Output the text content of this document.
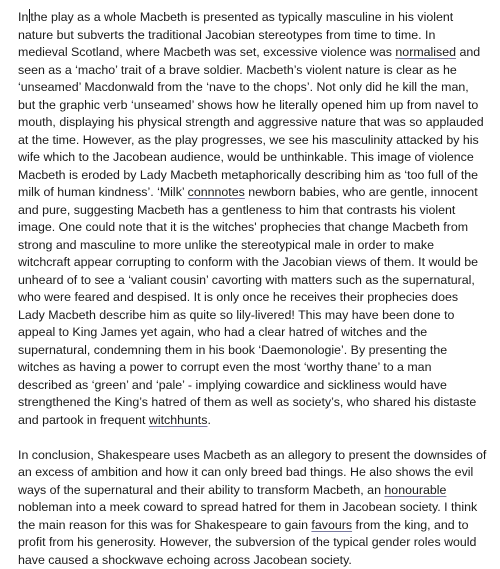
In the play as a whole Macbeth is presented as typically masculine in his violent
nature but subverts the traditional Jacobian stereotypes from time to time. In
medieval Scotland, where Macbeth was set, excessive violence was normalised and
seen as a ‘macho’ trait of a brave soldier. Macbeth’s violent nature is clear as he
‘unseamed’ Macdonwald from the ‘nave to the chops’. Not only did he kill the man,
but the graphic verb ‘unseamed’ shows how he literally opened him up from navel to
mouth, displaying his physical strength and aggressive nature that was so applauded
at the time. However, as the play progresses, we see his masculinity attacked by his
wife which to the Jacobean audience, would be unthinkable. This image of violence
Macbeth is eroded by Lady Macbeth metaphorically describing him as ‘too full of the
milk of human kindness’. ‘Milk’ connnotes newborn babies, who are gentle, innocent
and pure, suggesting Macbeth has a gentleness to him that contrasts his violent
image. One could note that it is the witches' prophecies that change Macbeth from
strong and masculine to more unlike the stereotypical male in order to make
witchcraft appear corrupting to conform with the Jacobian views of them. It would be
unheard of to see a ‘valiant cousin’ cavorting with matters such as the supernatural,
who were feared and despised. It is only once he receives their prophecies does
Lady Macbeth describe him as quite so lily-livered! This may have been done to
appeal to King James yet again, who had a clear hatred of witches and the
supernatural, condemning them in his book ‘Daemonologie’. By presenting the
witches as having a power to corrupt even the most ‘worthy thane’ to a man
described as ‘green’ and ‘pale’ - implying cowardice and sickliness would have
strengthened the King’s hatred of them as well as society’s, who shared his distaste
and partook in frequent witchhunts.

In conclusion, Shakespeare uses Macbeth as an allegory to present the downsides of
an excess of ambition and how it can only breed bad things. He also shows the evil
ways of the supernatural and their ability to transform Macbeth, an honourable
nobleman into a meek coward to spread hatred for them in Jacobean society. I think
the main reason for this was for Shakespeare to gain favours from the king, and to
profit from his generosity. However, the subversion of the typical gender roles would
have caused a shockwave echoing across Jacobean society.
